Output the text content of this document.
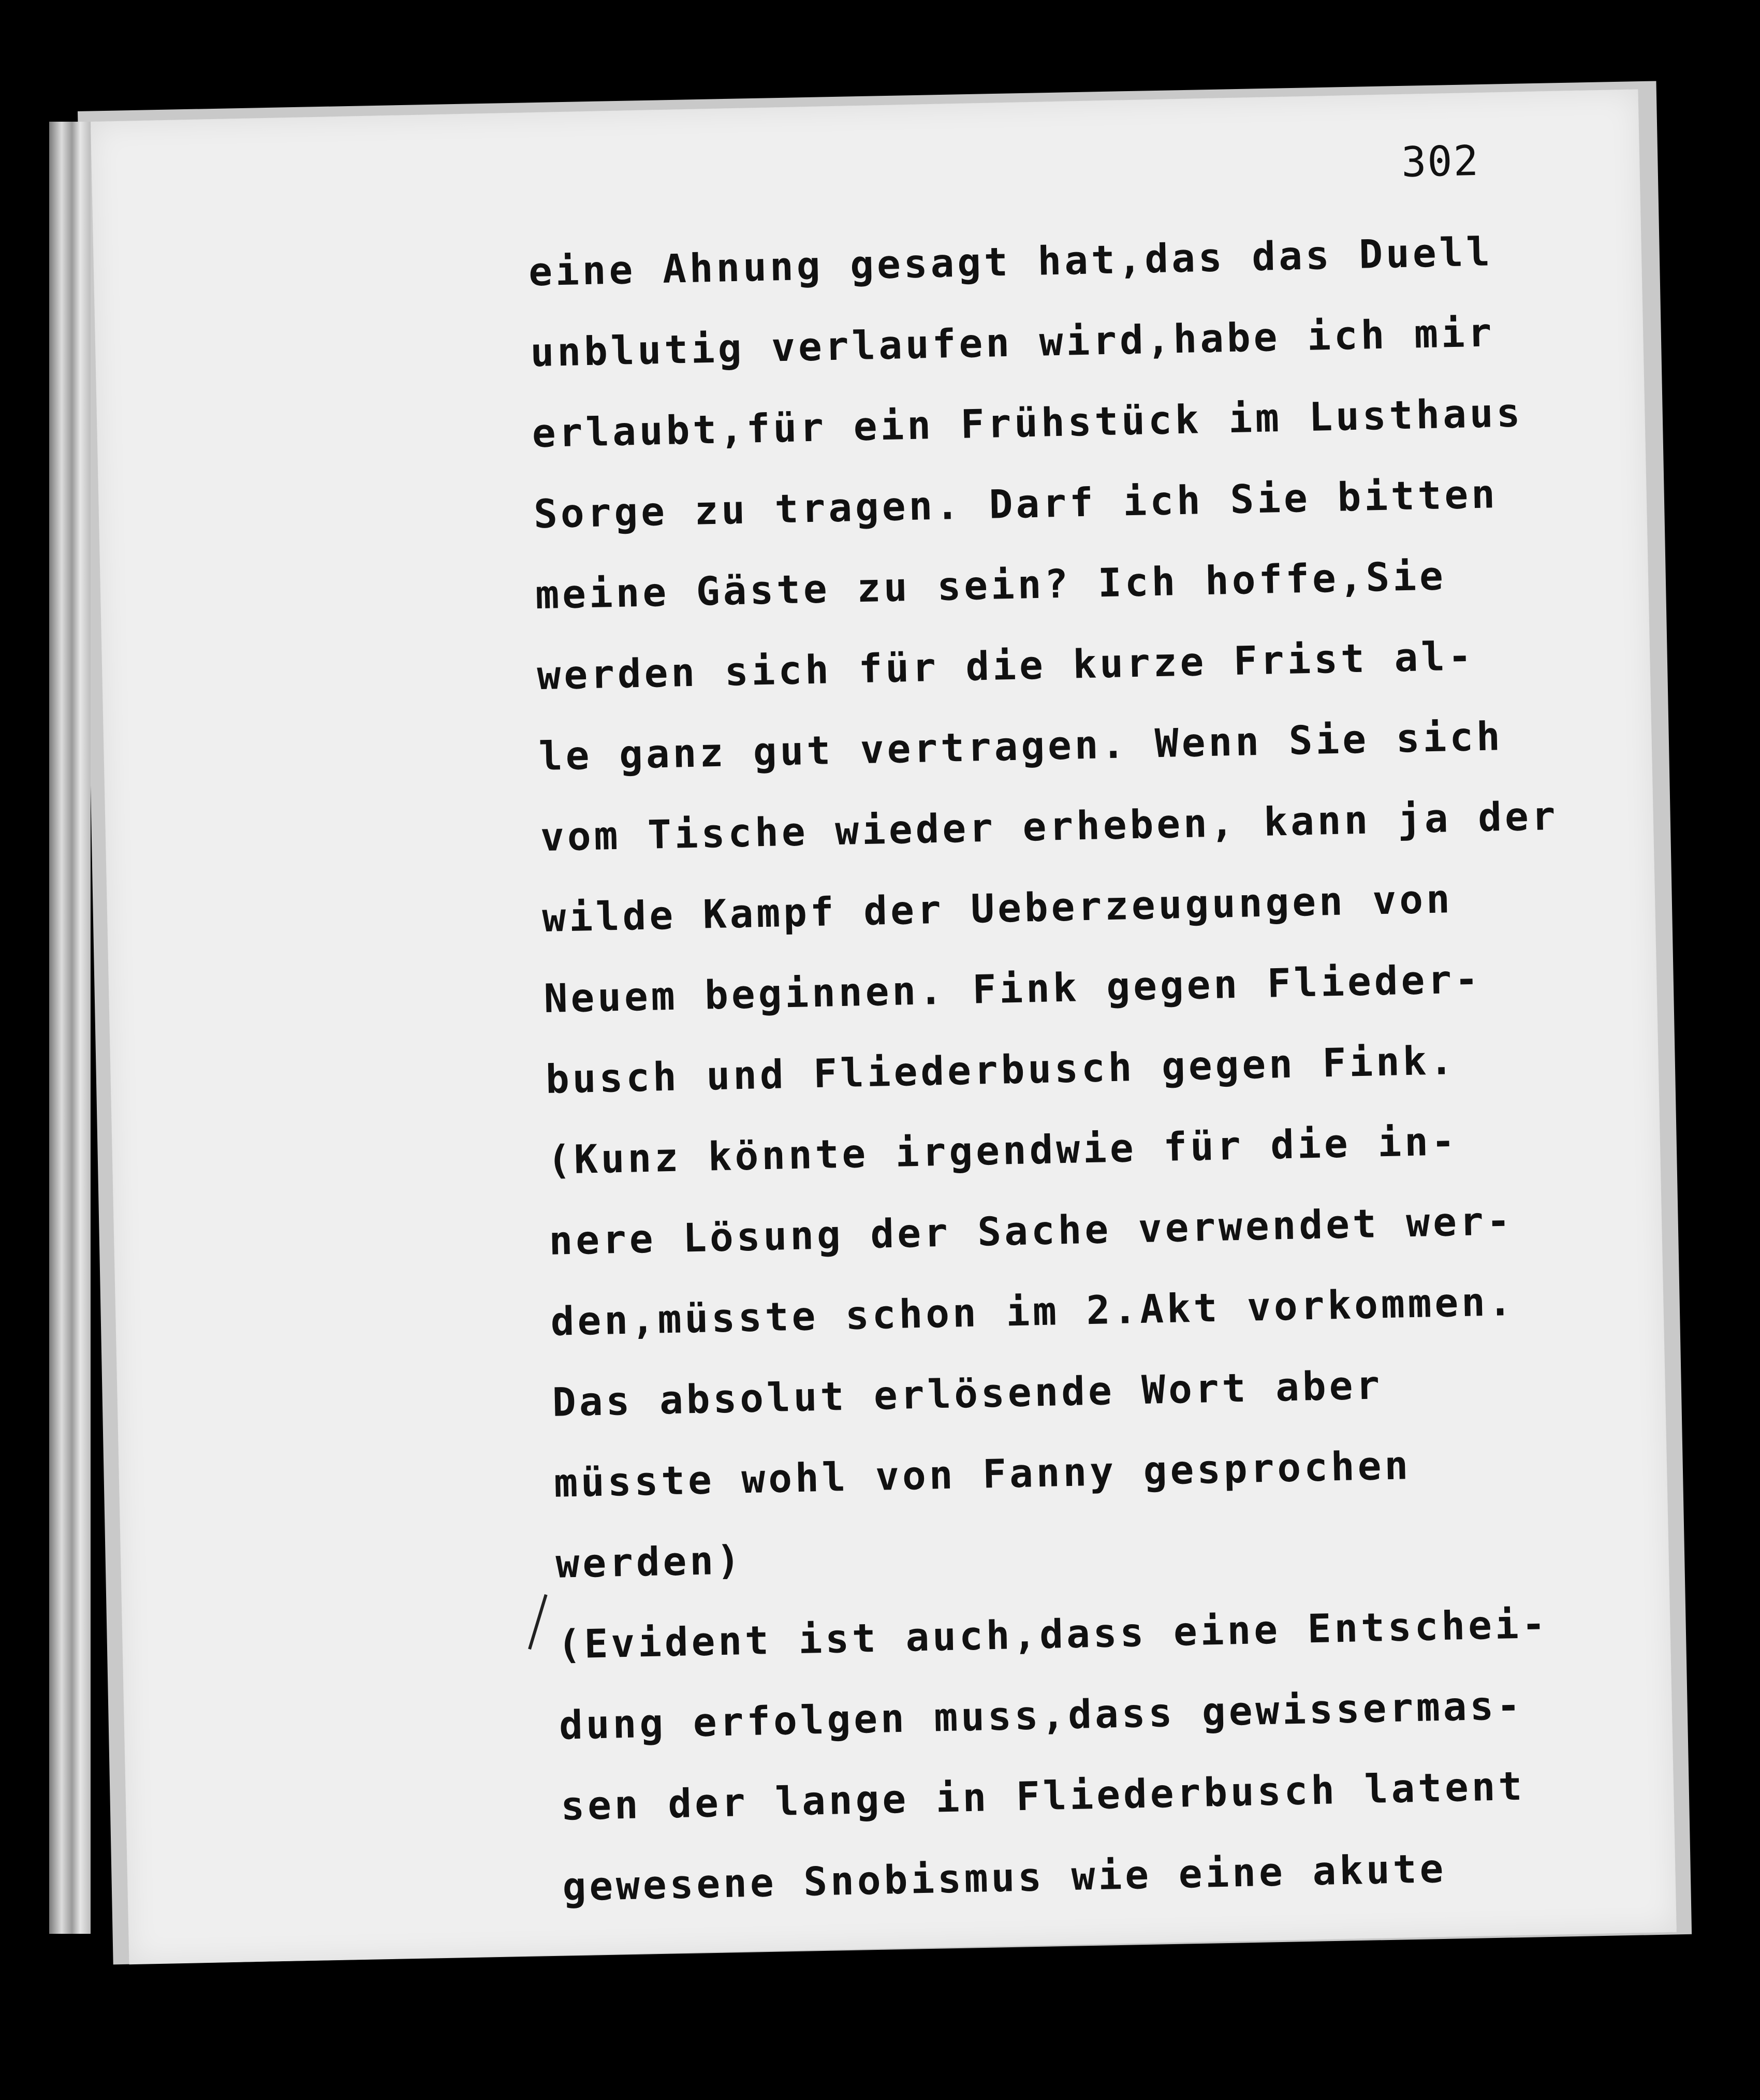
302

eine Ahnung gesagt hat,das das Duell
unblutig verlaufen wird,habe ich mir
erlaubt,für ein Frühstück im Lusthaus
Sorge zu tragen. Darf ich Sie bitten
meine Gäste zu sein? Ich hoffe,Sie
werden sich für die kurze Frist al-
le ganz gut vertragen. Wenn Sie sich
vom Tische wieder erheben, kann ja der
wilde Kampf der Ueberzeugungen von
Neuem beginnen. Fink gegen Flieder-
busch und Fliederbusch gegen Fink.
(Kunz könnte irgendwie für die in-
nere Lösung der Sache verwendet wer-
den,müsste schon im 2.Akt vorkommen.
Das absolut erlösende Wort aber
müsste wohl von Fanny gesprochen
werden)
(Evident ist auch,dass eine Entschei-
dung erfolgen muss,dass gewissermas-
sen der lange in Fliederbusch latent
gewesene Snobismus wie eine akute
